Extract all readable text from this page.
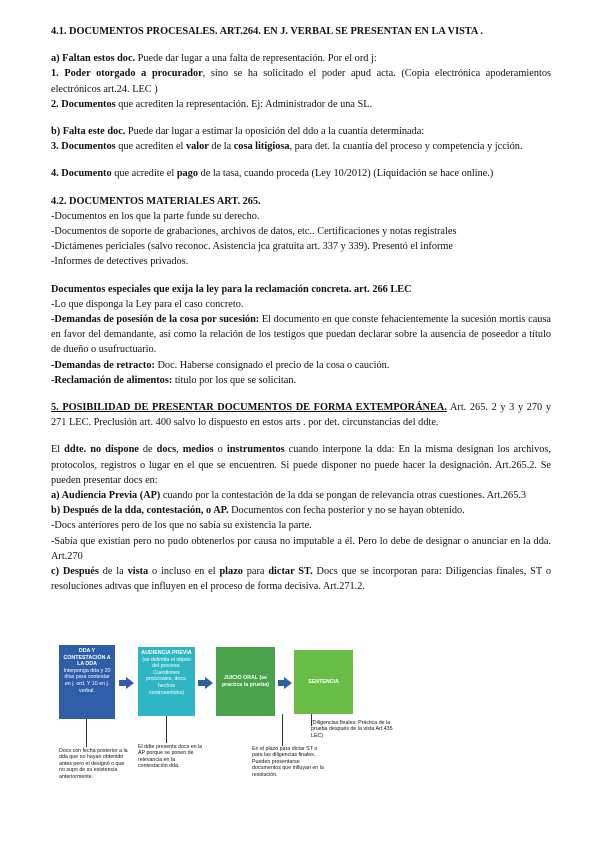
4.1. DOCUMENTOS PROCESALES. ART.264. EN J. VERBAL SE PRESENTAN EN LA VISTA .

a) Faltan estos doc. Puede dar lugar a una falta de representación. Por el ord j:

1. Poder otorgado a procurador, sino se ha solicitado el poder apud acta. (Copia electrónica apoderamientos electrónicos art.24. LEC )

2. Documentos que acrediten la representación. Ej: Administrador de una SL.

b) Falta este doc. Puede dar lugar a estimar la oposición del ddo a la cuantía determinada:

3. Documentos que acrediten el valor de la cosa litigiosa, para det. la cuantía del proceso y competencia y jcción.

4. Documento que acredite el pago de la tasa, cuando proceda (Ley 10/2012) (Liquidación se hace online.)

4.2. DOCUMENTOS MATERIALES ART. 265.

-Documentos en los que la parte funde su derecho.

-Documentos de soporte de grabaciones, archivos de datos, etc.. Certificaciones y notas registrales

-Dictámenes periciales (salvo reconoc. Asistencia jca gratuita art. 337 y 339). Presentó el informe

-Informes de detectives privados.

Documentos especiales que exija la ley para la reclamación concreta. art. 266 LEC

-Lo que disponga la Ley para el caso concreto.

-Demandas de posesión de la cosa por sucesión: El documento en que conste fehacientemente la sucesión mortis causa en favor del demandante, así como la relación de los testigos que puedan declarar sobre la ausencia de poseedor a título de dueño o usufructuario.

-Demandas de retracto: Doc. Haberse consignado el precio de la cosa o caución.

-Reclamación de alimentos: título por los que se solicitan.

5. POSIBILIDAD DE PRESENTAR DOCUMENTOS DE FORMA EXTEMPORÁNEA. Art. 265. 2 y 3 y 270 y 271 LEC. Preclusión art. 400 salvo lo dispuesto en estos arts . por det. circunstancias del ddte.

El ddte. no dispone de docs, medios o instrumentos cuando interpone la dda: En la misma designan los archivos, protocolos, registros o lugar en el que se encuentren. Si puede disponer no puede hacer la designación. Art.265.2. Se pueden presentar docs en:

a) Audiencia Previa (AP) cuando por la contestación de la dda se pongan de relevancia otras cuestiones. Art.265.3

b) Después de la dda, contestación, o AP. Documentos con fecha posterior y no se hayan obtenido.

-Docs anteriores pero de los que no sabía su existencia la parte.

-Sabía que existían pero no pudo obtenerlos por causa no imputable a él. Pero lo debe de designar o anunciar en la dda. Art.270

c) Después de la vista o incluso en el plazo para dictar ST. Docs que se incorporan para: Diligencias finales, ST o resoluciones adtvas que influyen en el proceso de forma decisiva. Art.271.2.

DDA Y CONTESTACIÓN A LA DDA
Interponga dda y 20 días para contestar en j. ord. Y 10 en j. verbal.
AUDIENCIA PREVIA
(se delimita el objeto del proceso. Cuestiones procesales, docs, hechos controvertidos)
JUICIO ORAL (se practica la prueba)	SENTENCIA
Docs con fecha posterior a la dda que no hayan obtenido antes pero el designó o que no supo de su existencia anteriormente.
El ddte presenta docs en la AP porque se ponen de relevancia en la contestación dda.
En el plazo para dictar ST o para las diligencias finales. Pueden presentarse documentos que influyan en la resolución.
(Diligencias finales: Práctica de la prueba después de la vista Art.435 LEC)
